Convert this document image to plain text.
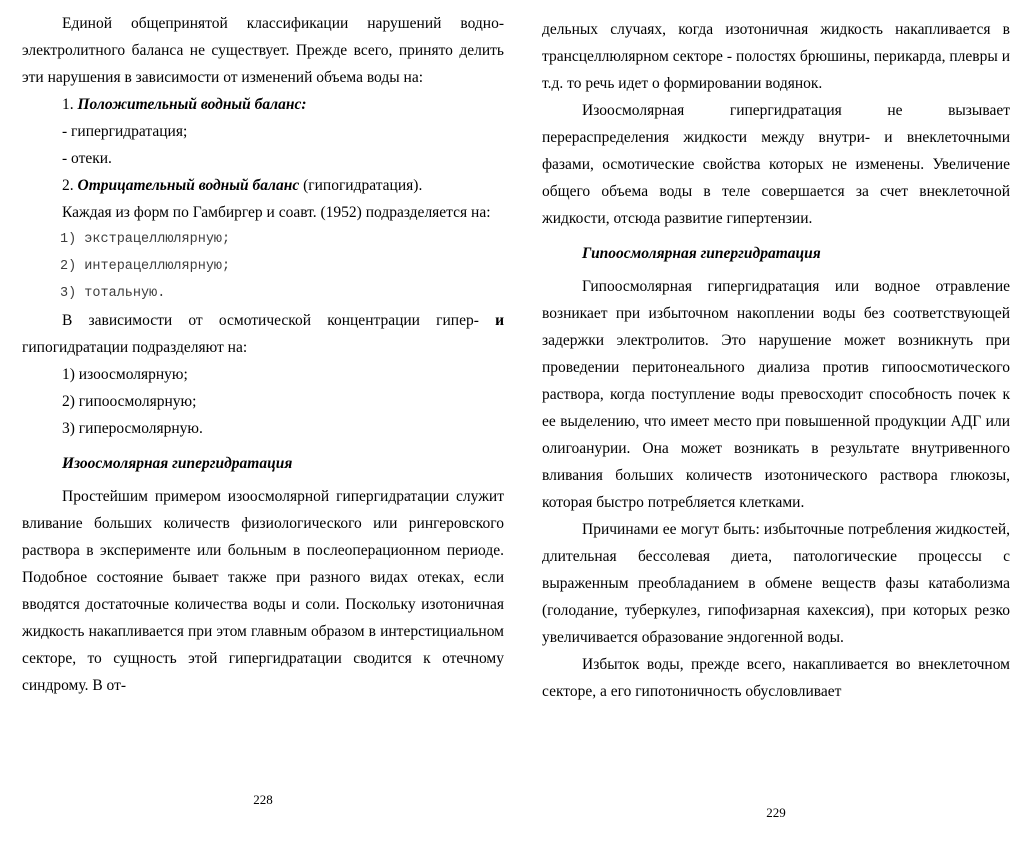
Единой общепринятой классификации нарушений водно-электролитного баланса не существует. Прежде всего, принято делить эти нарушения в зависимости от изменений объема воды на:

1. Положительный водный баланс:

- гипергидратация;

- отеки.

2. Отрицательный водный баланс (гипогидратация).

Каждая из форм по Гамбиргер и соавт. (1952) подразделяется на:

1) экстрацеллюлярную;

2) интерацеллюлярную;

3) тотальную.

В зависимости от осмотической концентрации гипер- и гипогидратации подразделяют на:

1) изоосмолярную;

2) гипоосмолярную;

3) гиперосмолярную.

Изоосмолярная гипергидратация

Простейшим примером изоосмолярной гипергидратации служит вливание больших количеств физиологического или рингеровского раствора в эксперименте или больным в послеоперационном периоде. Подобное состояние бывает также при разного видах отеках, если вводятся достаточные количества воды и соли. Поскольку изотоничная жидкость накапливается при этом главным образом в интерстициальном секторе, то сущность этой гипергидратации сводится к отечному синдрому. В от-

228

дельных случаях, когда изотоничная жидкость накапливается в трансцеллюлярном секторе - полостях брюшины, перикарда, плевры и т.д. то речь идет о формировании водянок.

Изоосмолярная гипергидратация не вызывает перераспределения жидкости между внутри- и внеклеточными фазами, осмотические свойства которых не изменены. Увеличение общего объема воды в теле совершается за счет внеклеточной жидкости, отсюда развитие гипертензии.

Гипоосмолярная гипергидратация

Гипоосмолярная гипергидратация или водное отравление возникает при избыточном накоплении воды без соответствующей задержки электролитов. Это нарушение может возникнуть при проведении перитонеального диализа против гипоосмотического раствора, когда поступление воды превосходит способность почек к ее выделению, что имеет место при повышенной продукции АДГ или олигоанурии. Она может возникать в результате внутривенного вливания больших количеств изотонического раствора глюкозы, которая быстро потребляется клетками.

Причинами ее могут быть: избыточные потребления жидкостей, длительная бессолевая диета, патологические процессы с выраженным преобладанием в обмене веществ фазы катаболизма (голодание, туберкулез, гипофизарная кахексия), при которых резко увеличивается образование эндогенной воды.

Избыток воды, прежде всего, накапливается во внеклеточном секторе, а его гипотоничность обусловливает

229
